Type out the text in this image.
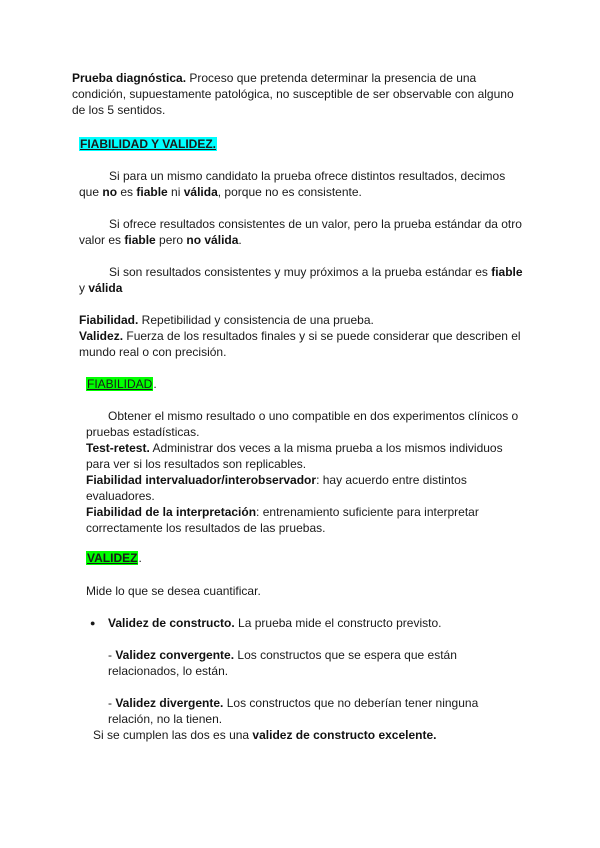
Prueba diagnóstica. Proceso que pretenda determinar la presencia de una
condición, supuestamente patológica, no susceptible de ser observable con alguno
de los 5 sentidos.

FIABILIDAD Y VALIDEZ.

Si para un mismo candidato la prueba ofrece distintos resultados, decimos
que no es fiable ni válida, porque no es consistente.

Si ofrece resultados consistentes de un valor, pero la prueba estándar da otro
valor es fiable pero no válida.

Si son resultados consistentes y muy próximos a la prueba estándar es fiable
y válida

Fiabilidad. Repetibilidad y consistencia de una prueba.
Validez. Fuerza de los resultados finales y si se puede considerar que describen el
mundo real o con precisión.

FIABILIDAD.

Obtener el mismo resultado o uno compatible en dos experimentos clínicos o
pruebas estadísticas.
Test-retest. Administrar dos veces a la misma prueba a los mismos individuos
para ver si los resultados son replicables.
Fiabilidad intervaluador/interobservador: hay acuerdo entre distintos
evaluadores.
Fiabilidad de la interpretación: entrenamiento suficiente para interpretar
correctamente los resultados de las pruebas.

VALIDEZ.

Mide lo que se desea cuantificar.

●	Validez de constructo. La prueba mide el constructo previsto.

- Validez convergente. Los constructos que se espera que están
relacionados, lo están.

- Validez divergente. Los constructos que no deberían tener ninguna
relación, no la tienen.

Si se cumplen las dos es una validez de constructo excelente.
